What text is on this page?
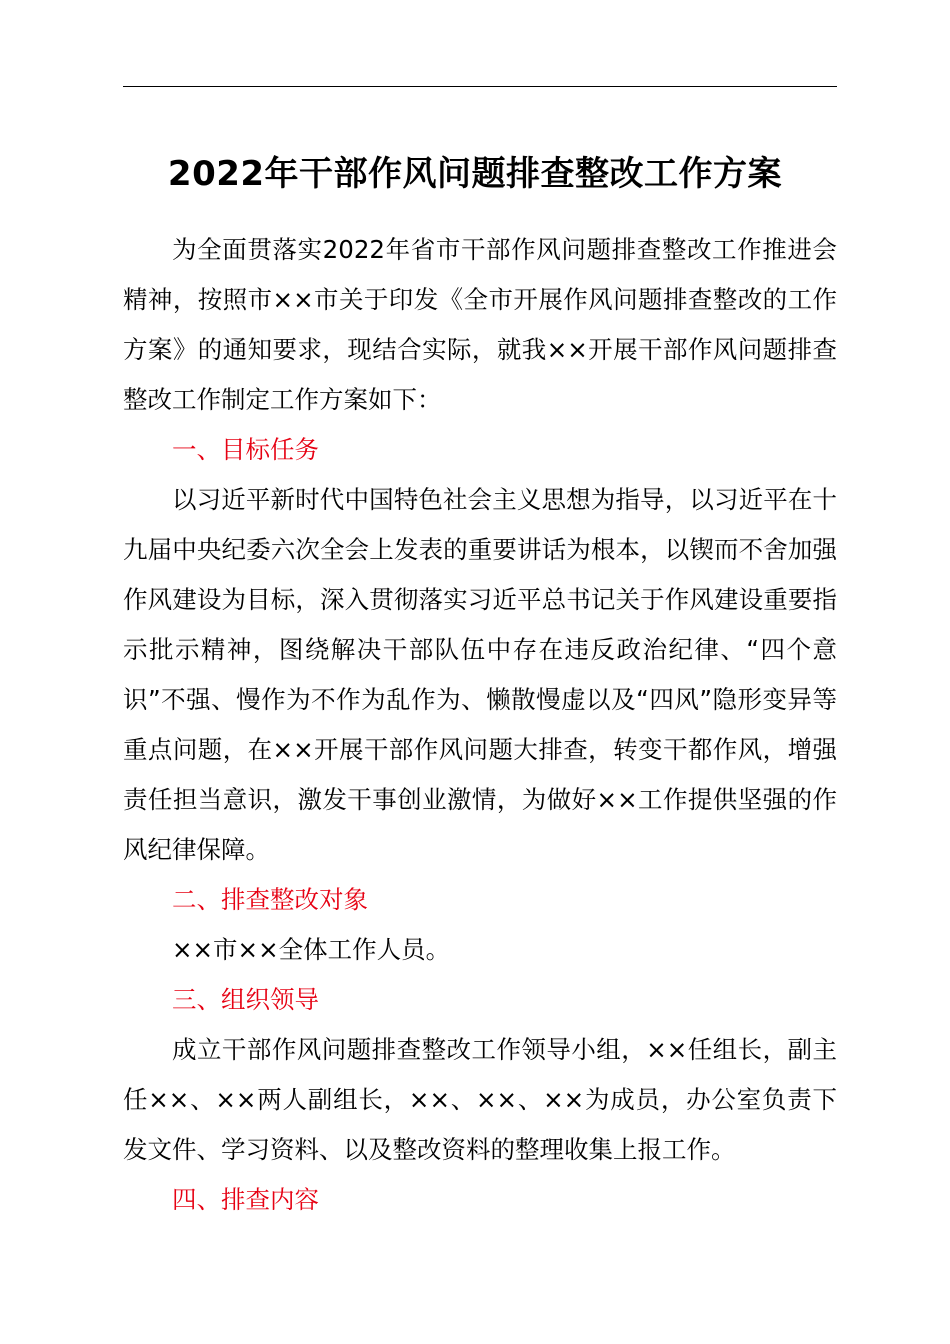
2022年干部作风问题排查整改工作方案

为全面贯落实2022年省市干部作风问题排查整改工作推进会精神，按照市××市关于印发《全市开展作风问题排查整改的工作方案》的通知要求，现结合实际，就我××开展干部作风问题排查整改工作制定工作方案如下：

一、目标任务

以习近平新时代中国特色社会主义思想为指导，以习近平在十九届中央纪委六次全会上发表的重要讲话为根本，以锲而不舍加强作风建设为目标，深入贯彻落实习近平总书记关于作风建设重要指示批示精神，图绕解决干部队伍中存在违反政治纪律、“四个意识”不强、慢作为不作为乱作为、懒散慢虚以及“四风”隐形变异等重点问题，在××开展干部作风问题大排查，转变干都作风，增强责任担当意识，激发干事创业激情，为做好××工作提供坚强的作风纪律保障。

二、排查整改对象

××市××全体工作人员。

三、组织领导

成立干部作风问题排查整改工作领导小组，××任组长，副主任××、××两人副组长，××、××、××为成员，办公室负责下发文件、学习资料、以及整改资料的整理收集上报工作。

四、排查内容
